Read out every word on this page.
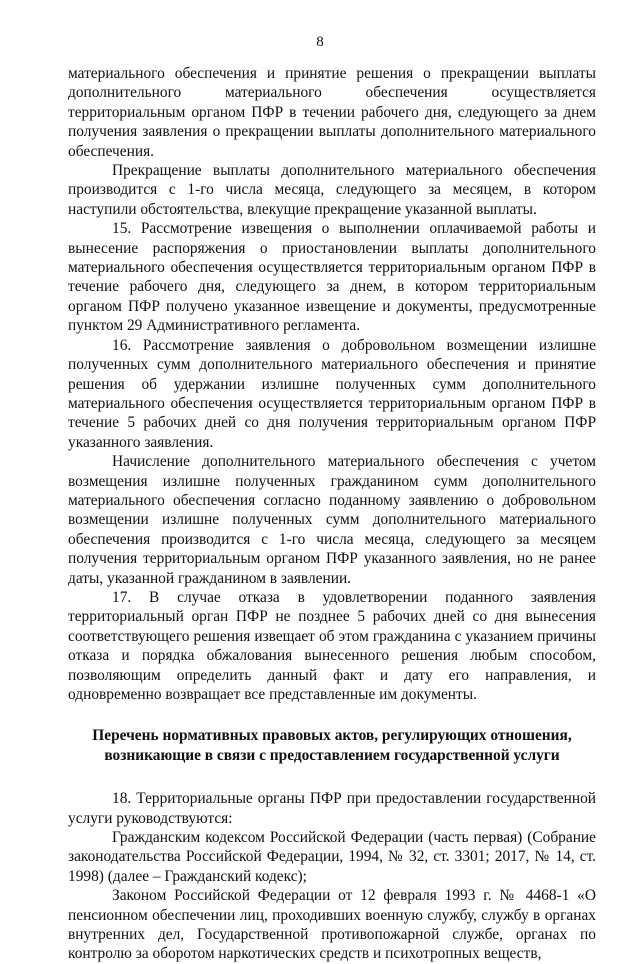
8

материального обеспечения и принятие решения о прекращении выплаты дополнительного материального обеспечения осуществляется территориальным органом ПФР в течении рабочего дня, следующего за днем получения заявления о прекращении выплаты дополнительного материального обеспечения.

Прекращение выплаты дополнительного материального обеспечения производится с 1-го числа месяца, следующего за месяцем, в котором наступили обстоятельства, влекущие прекращение указанной выплаты.

15. Рассмотрение извещения о выполнении оплачиваемой работы и вынесение распоряжения о приостановлении выплаты дополнительного материального обеспечения осуществляется территориальным органом ПФР в течение рабочего дня, следующего за днем, в котором территориальным органом ПФР получено указанное извещение и документы, предусмотренные пунктом 29 Административного регламента.

16. Рассмотрение заявления о добровольном возмещении излишне полученных сумм дополнительного материального обеспечения и принятие решения об удержании излишне полученных сумм дополнительного материального обеспечения осуществляется территориальным органом ПФР в течение 5 рабочих дней со дня получения территориальным органом ПФР указанного заявления.

Начисление дополнительного материального обеспечения с учетом возмещения излишне полученных гражданином сумм дополнительного материального обеспечения согласно поданному заявлению о добровольном возмещении излишне полученных сумм дополнительного материального обеспечения производится с 1-го числа месяца, следующего за месяцем получения территориальным органом ПФР указанного заявления, но не ранее даты, указанной гражданином в заявлении.

17. В случае отказа в удовлетворении поданного заявления территориальный орган ПФР не позднее 5 рабочих дней со дня вынесения соответствующего решения извещает об этом гражданина с указанием причины отказа и порядка обжалования вынесенного решения любым способом, позволяющим определить данный факт и дату его направления, и одновременно возвращает все представленные им документы.

Перечень нормативных правовых актов, регулирующих отношения,
возникающие в связи с предоставлением государственной услуги

18. Территориальные органы ПФР при предоставлении государственной услуги руководствуются:

Гражданским кодексом Российской Федерации (часть первая) (Собрание законодательства Российской Федерации, 1994, № 32, ст. 3301; 2017, № 14, ст. 1998) (далее – Гражданский кодекс);

Законом Российской Федерации от 12 февраля 1993 г. № 4468-1 «О пенсионном обеспечении лиц, проходивших военную службу, службу в органах внутренних дел, Государственной противопожарной службе, органах по контролю за оборотом наркотических средств и психотропных веществ,
